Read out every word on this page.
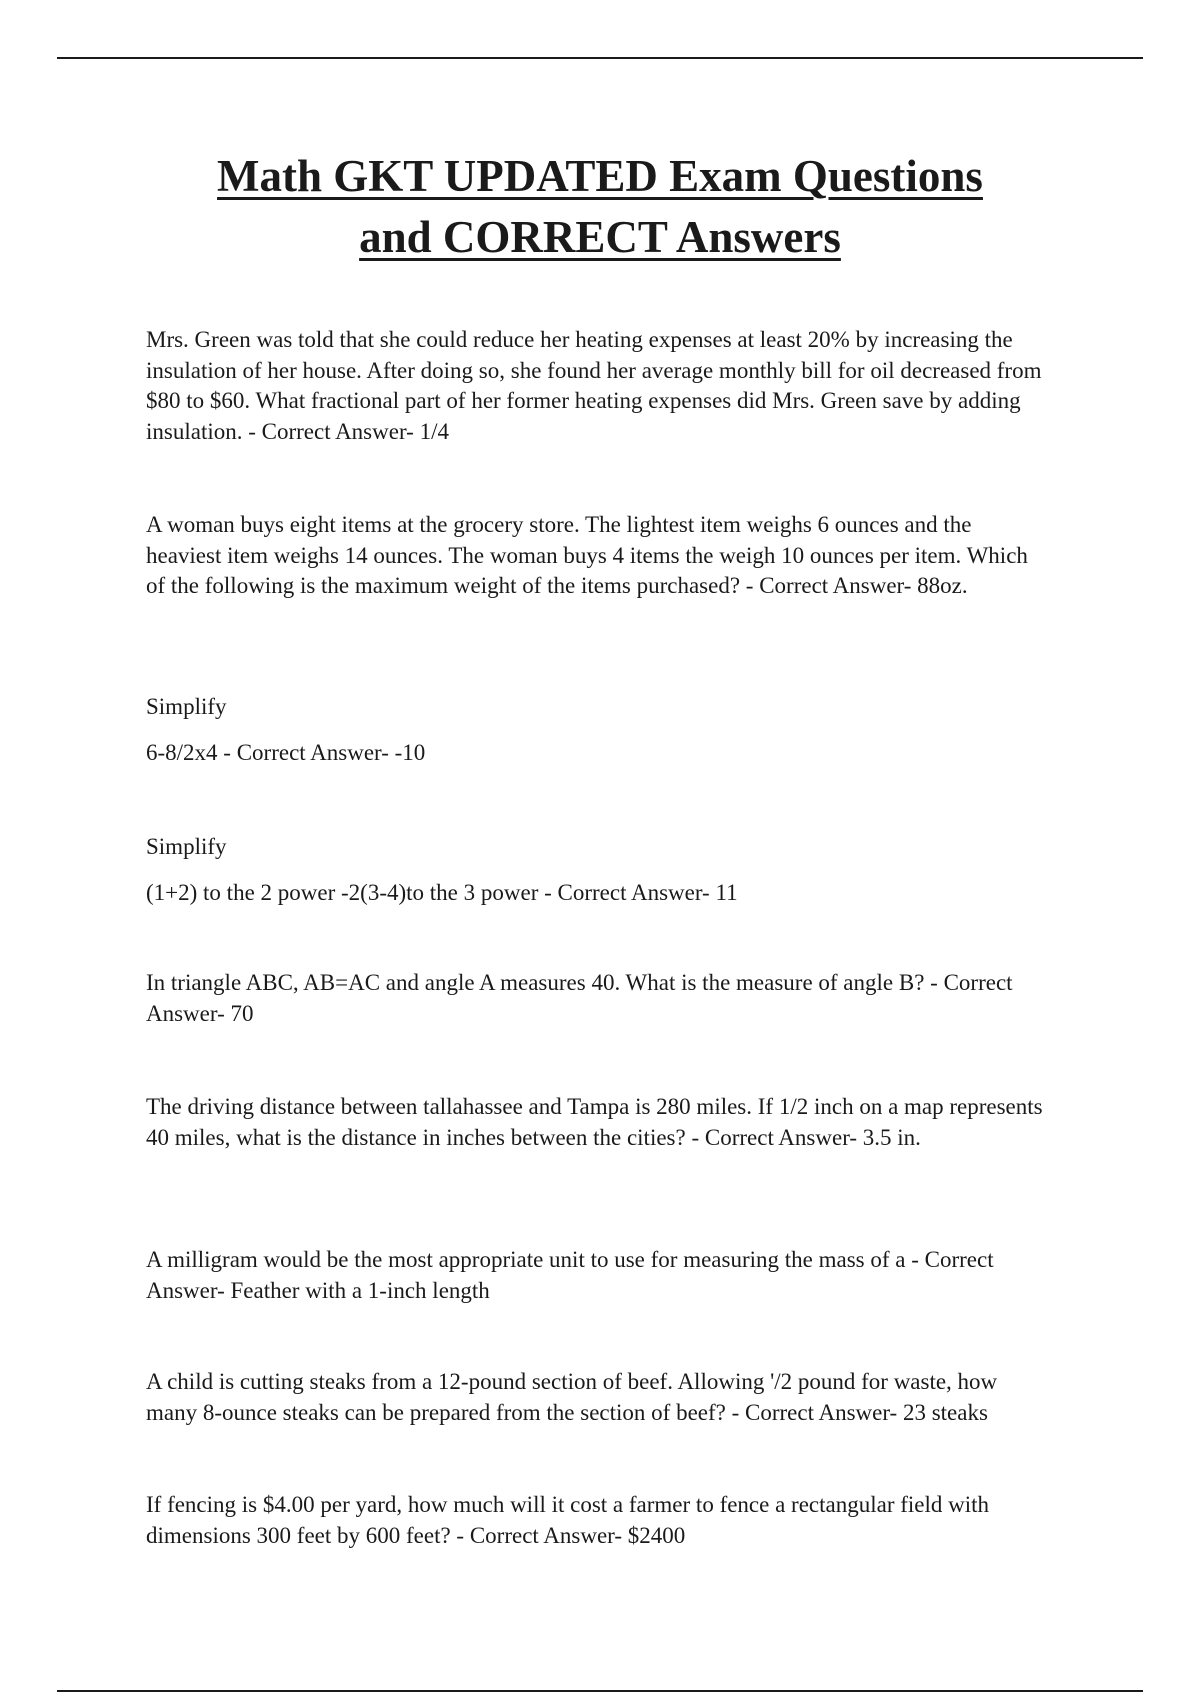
Math GKT UPDATED Exam Questions
and CORRECT Answers

Mrs. Green was told that she could reduce her heating expenses at least 20% by increasing the insulation of her house. After doing so, she found her average monthly bill for oil decreased from $80 to $60. What fractional part of her former heating expenses did Mrs. Green save by adding insulation. - Correct Answer- 1/4

A woman buys eight items at the grocery store. The lightest item weighs 6 ounces and the heaviest item weighs 14 ounces. The woman buys 4 items the weigh 10 ounces per item. Which of the following is the maximum weight of the items purchased? - Correct Answer- 88oz.

Simplify

6-8/2x4 - Correct Answer- -10

Simplify

(1+2) to the 2 power -2(3-4)to the 3 power - Correct Answer- 11

In triangle ABC, AB=AC and angle A measures 40. What is the measure of angle B? - Correct Answer- 70

The driving distance between tallahassee and Tampa is 280 miles. If 1/2 inch on a map represents 40 miles, what is the distance in inches between the cities? - Correct Answer- 3.5 in.

A milligram would be the most appropriate unit to use for measuring the mass of a - Correct Answer- Feather with a 1-inch length

A child is cutting steaks from a 12-pound section of beef. Allowing '/2 pound for waste, how many 8-ounce steaks can be prepared from the section of beef? - Correct Answer- 23 steaks

If fencing is $4.00 per yard, how much will it cost a farmer to fence a rectangular field with dimensions 300 feet by 600 feet? - Correct Answer- $2400
